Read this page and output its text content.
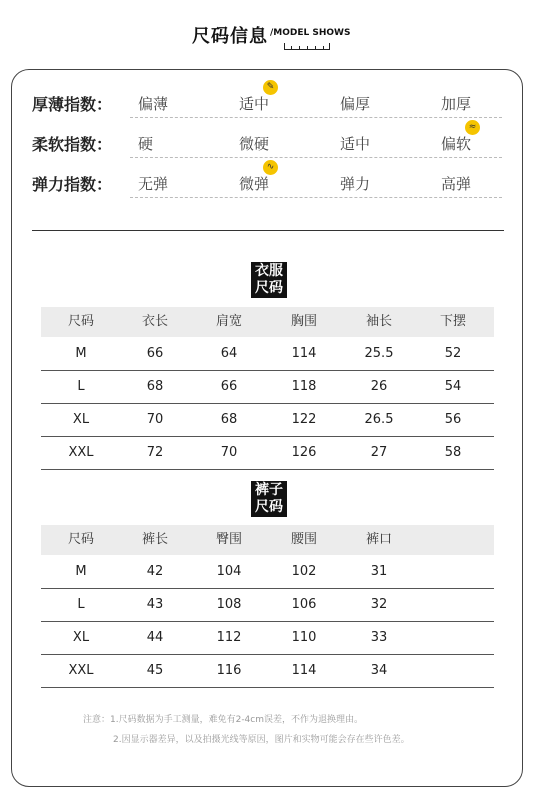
尺码信息 /MODEL SHOWS
厚薄指数： 偏薄	适中	偏厚	加厚
✎
柔软指数： 硬	微硬	适中	偏软
≈
弹力指数： 无弹	微弹	弹力	高弹
∿
衣服
尺码
尺码	衣长	肩宽	胸围	袖长	下摆
M	66	64	114	25.5	52
L	68	66	118	26	54
XL	70	68	122	26.5	56
XXL	72	70	126	27	58
裤子
尺码
尺码	裤长	臀围	腰围	裤口
M	42	104	102	31
L	43	108	106	32
XL	44	112	110	33
XXL	45	116	114	34
注意：1.尺码数据为手工测量，难免有2-4cm误差，不作为退换理由。
2.因显示器差异，以及拍摄光线等原因，图片和实物可能会存在些许色差。
